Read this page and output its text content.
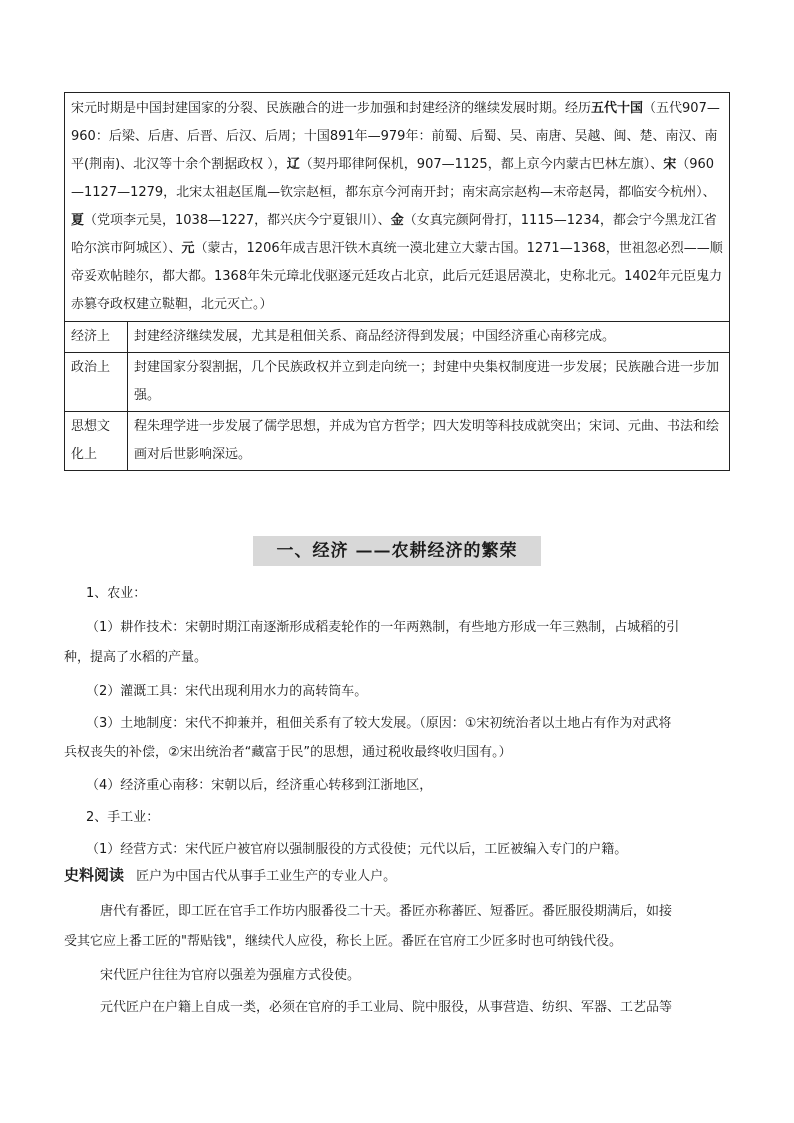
宋元时期是中国封建国家的分裂、民族融合的进一步加强和封建经济的继续发展时期。经历五代十国（五代907—960：后梁、后唐、后晋、后汉、后周；十国891年—979年：前蜀、后蜀、吴、南唐、吴越、闽、楚、南汉、南平(荆南)、北汉等十余个割据政权 ），辽（契丹耶律阿保机，907—1125，都上京今内蒙古巴林左旗）、宋（960—1127—1279，北宋太祖赵匡胤—钦宗赵桓，都东京今河南开封；南宋高宗赵构—末帝赵昺，都临安今杭州）、夏（党项李元昊，1038—1227，都兴庆今宁夏银川）、金（女真完颜阿骨打，1115—1234，都会宁今黑龙江省哈尔滨市阿城区）、元（蒙古，1206年成吉思汗铁木真统一漠北建立大蒙古国。1271—1368，世祖忽必烈——顺帝妥欢帖睦尔，都大都。1368年朱元璋北伐驱逐元廷攻占北京，此后元廷退居漠北，史称北元。1402年元臣鬼力赤篡夺政权建立鞑靼，北元灭亡。）	
经济上	封建经济继续发展，尤其是租佃关系、商品经济得到发展；中国经济重心南移完成。
政治上	封建国家分裂割据，几个民族政权并立到走向统一；封建中央集权制度进一步发展；民族融合进一步加强。
思想文化上	程朱理学进一步发展了儒学思想，并成为官方哲学；四大发明等科技成就突出；宋词、元曲、书法和绘画对后世影响深远。
一、经济 ——农耕经济的繁荣
1、农业：
（1）耕作技术：宋朝时期江南逐渐形成稻麦轮作的一年两熟制，有些地方形成一年三熟制，占城稻的引
种，提高了水稻的产量。
（2）灌溉工具：宋代出现利用水力的高转筒车。
（3）土地制度：宋代不抑兼并，租佃关系有了较大发展。（原因：①宋初统治者以土地占有作为对武将
兵权丧失的补偿，②宋出统治者“藏富于民”的思想，通过税收最终收归国有。）
（4）经济重心南移：宋朝以后，经济重心转移到江浙地区，
2、手工业：
（1）经营方式：宋代匠户被官府以强制服役的方式役使；元代以后，工匠被编入专门的户籍。
史料阅读 匠户为中国古代从事手工业生产的专业人户。
唐代有番匠，即工匠在官手工作坊内服番役二十天。番匠亦称蕃匠、短番匠。番匠服役期满后，如接
受其它应上番工匠的"帮贴钱"，继续代人应役，称长上匠。番匠在官府工少匠多时也可纳钱代役。
宋代匠户往往为官府以强差为强雇方式役使。
元代匠户在户籍上自成一类，必须在官府的手工业局、院中服役，从事营造、纺织、军器、工艺品等
